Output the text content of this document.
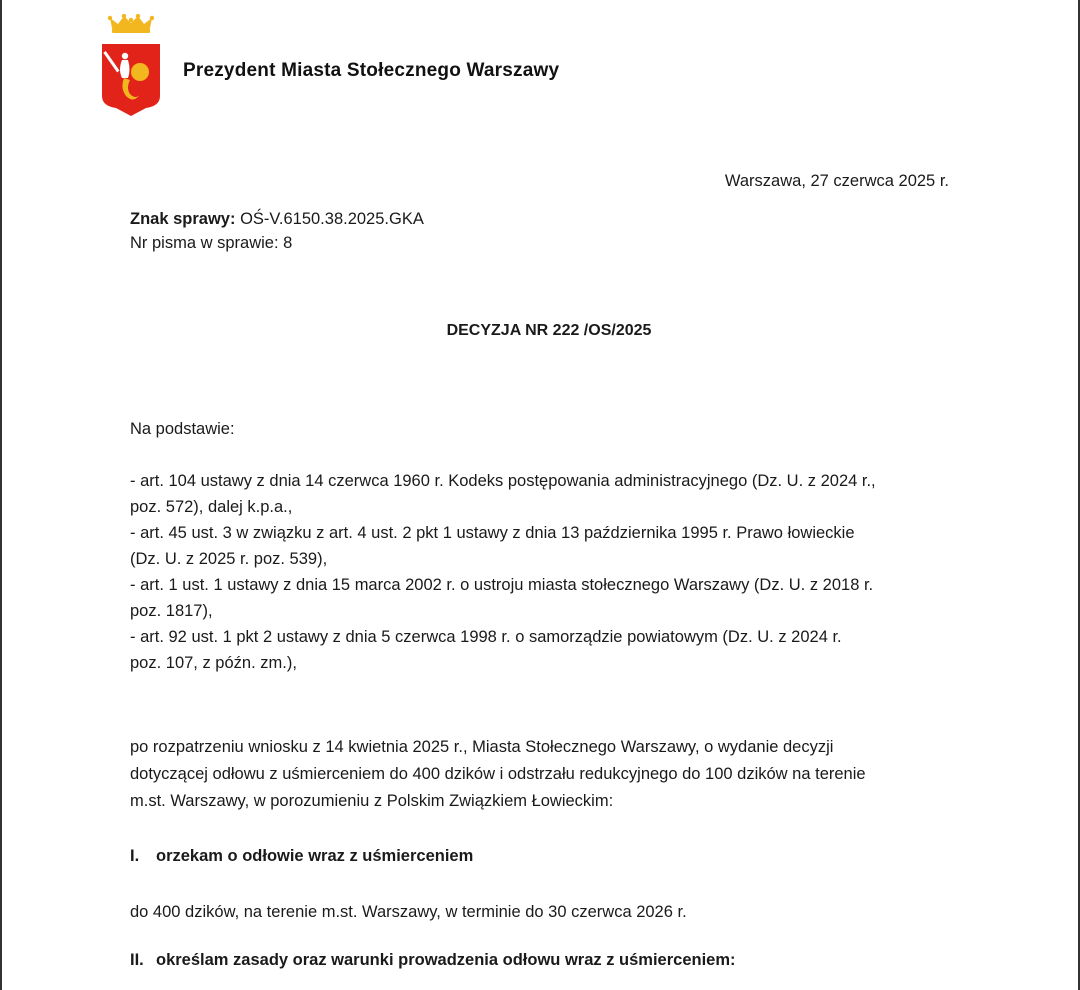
Prezydent Miasta Stołecznego Warszawy
Warszawa, 27 czerwca 2025 r.
Znak sprawy: OŚ-V.6150.38.2025.GKA
Nr pisma w sprawie: 8
DECYZJA NR 222 /OS/2025
Na podstawie:
- art. 104 ustawy z dnia 14 czerwca 1960 r. Kodeks postępowania administracyjnego (Dz. U. z 2024 r.,
poz. 572), dalej k.p.a.,
- art. 45 ust. 3 w związku z art. 4 ust. 2 pkt 1 ustawy z dnia 13 października 1995 r. Prawo łowieckie
(Dz. U. z 2025 r. poz. 539),
- art. 1 ust. 1 ustawy z dnia 15 marca 2002 r. o ustroju miasta stołecznego Warszawy (Dz. U. z 2018 r.
poz. 1817),
- art. 92 ust. 1 pkt 2 ustawy z dnia 5 czerwca 1998 r. o samorządzie powiatowym (Dz. U. z 2024 r.
poz. 107, z późn. zm.),
po rozpatrzeniu wniosku z 14 kwietnia 2025 r., Miasta Stołecznego Warszawy, o wydanie decyzji
dotyczącej odłowu z uśmierceniem do 400 dzików i odstrzału redukcyjnego do 100 dzików na terenie
m.st. Warszawy, w porozumieniu z Polskim Związkiem Łowieckim:
I. orzekam o odłowie wraz z uśmierceniem
do 400 dzików, na terenie m.st. Warszawy, w terminie do 30 czerwca 2026 r.
II. określam zasady oraz warunki prowadzenia odłowu wraz z uśmierceniem:
